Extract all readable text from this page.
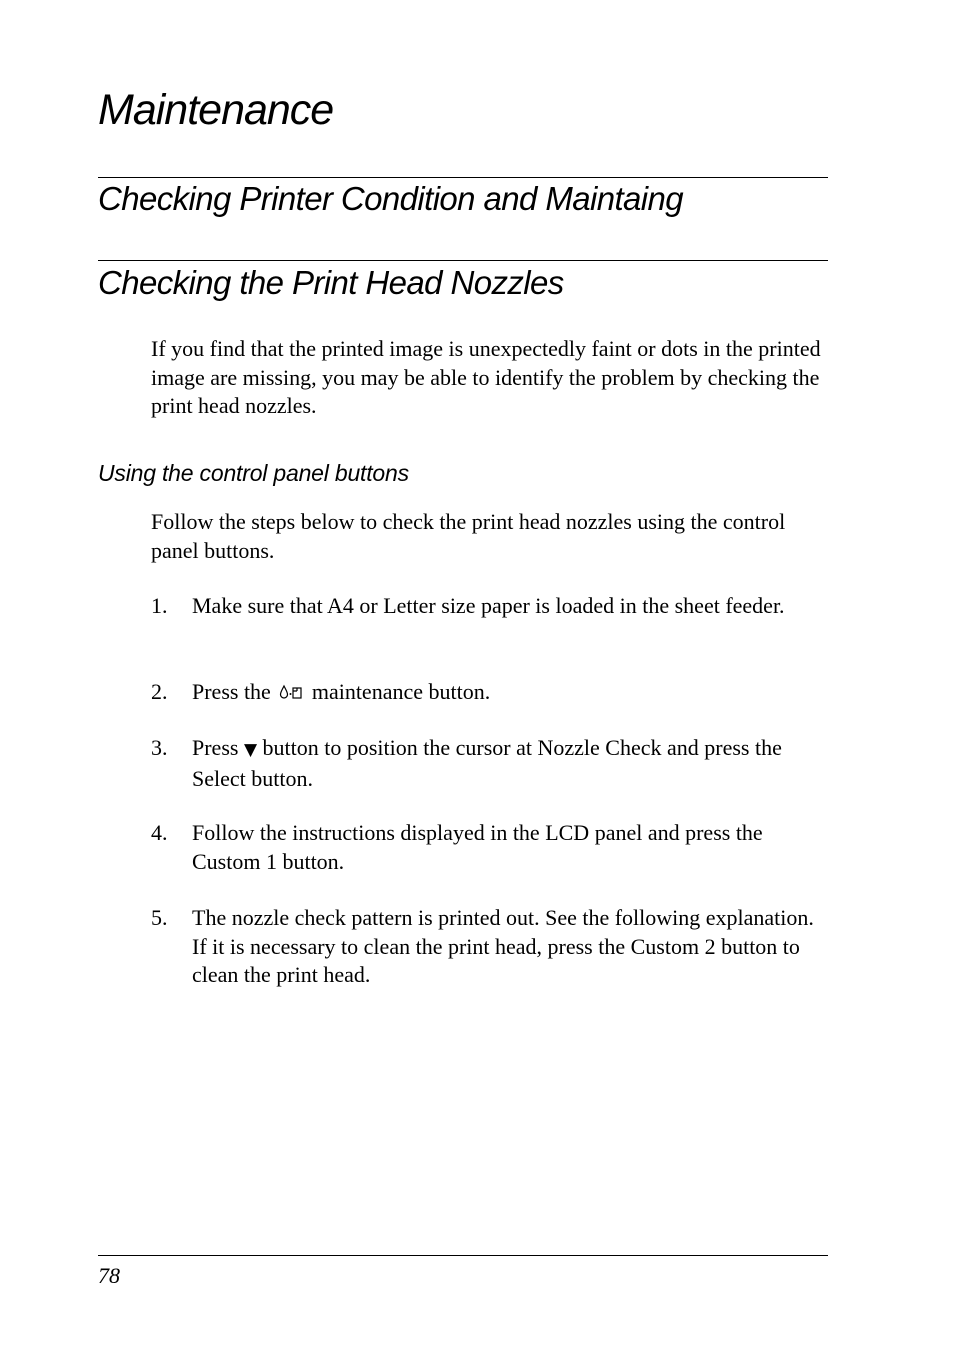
Maintenance
Checking Printer Condition and Maintaing
Checking the Print Head Nozzles

If you find that the printed image is unexpectedly faint or dots in the printed image are missing, you may be able to identify the problem by checking the print head nozzles.

Using the control panel buttons

Follow the steps below to check the print head nozzles using the control panel buttons.

1. Make sure that A4 or Letter size paper is loaded in the sheet feeder.
2. Press the maintenance button.
3. Press ▼ button to position the cursor at Nozzle Check and press the Select button.
4. Follow the instructions displayed in the LCD panel and press the Custom 1 button.
5. The nozzle check pattern is printed out. See the following explanation. If it is necessary to clean the print head, press the Custom 2 button to clean the print head.

78
